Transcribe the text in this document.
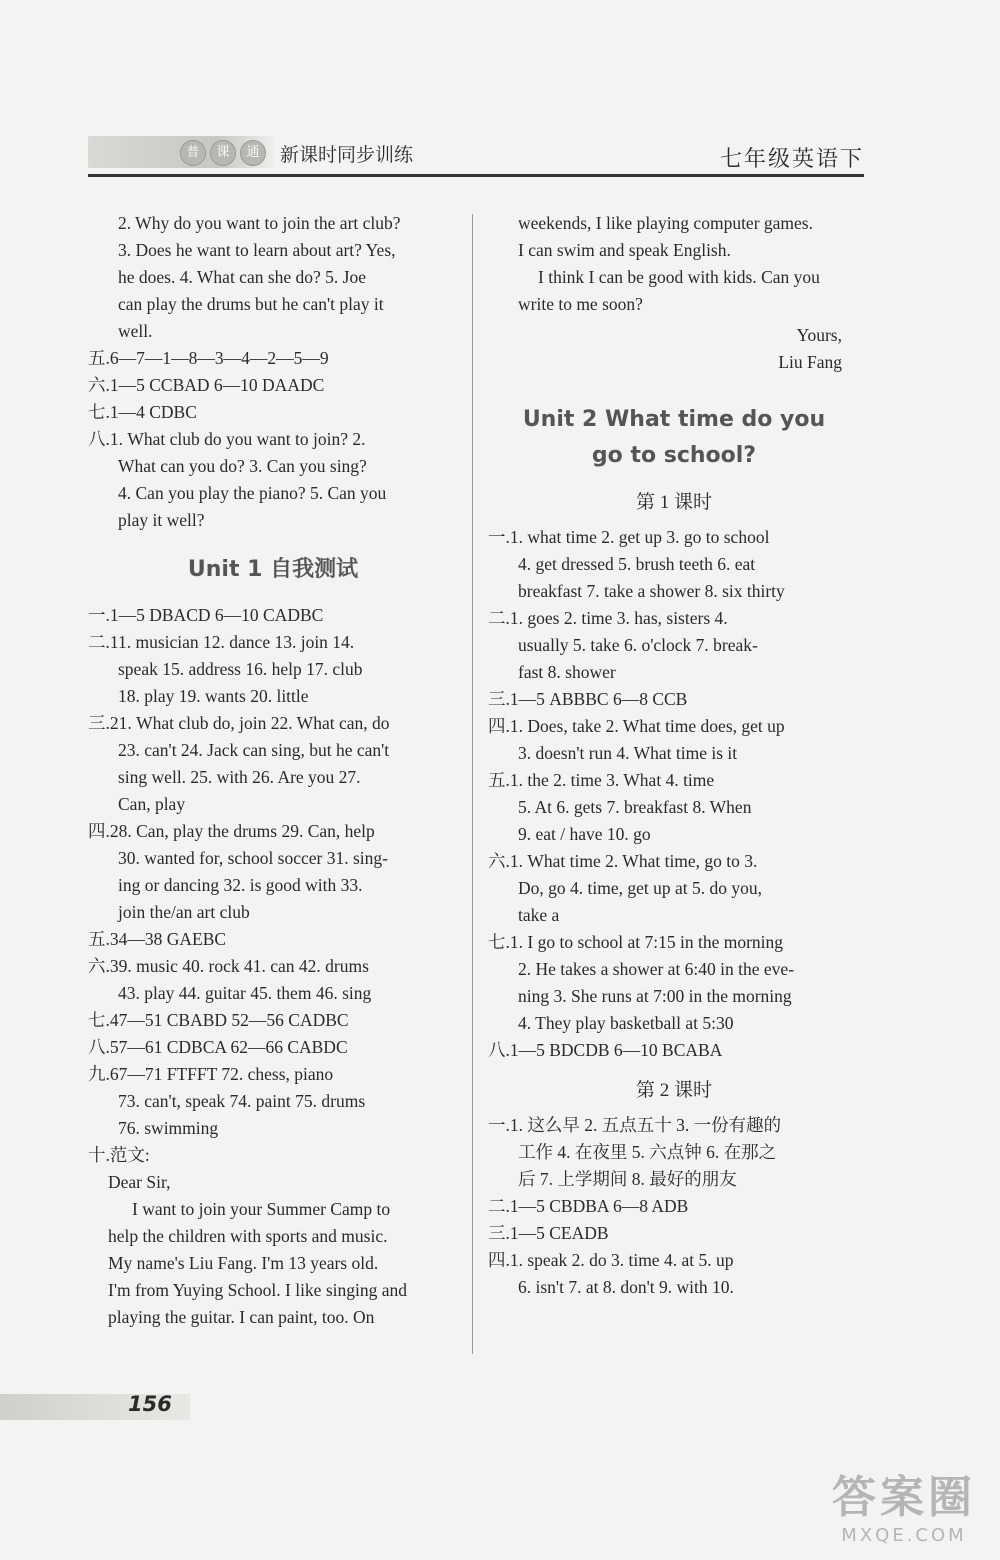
普	课	通	新课时同步训练	七年级英语下
2. Why do you want to join the art club?
3. Does he want to learn about art? Yes,
he does. 4. What can she do? 5. Joe
can play the drums but he can't play it
well.
五.6—7—1—8—3—4—2—5—9
六.1—5 CCBAD 6—10 DAADC
七.1—4 CDBC
八.1. What club do you want to join? 2.
What can you do? 3. Can you sing?
4. Can you play the piano? 5. Can you
play it well?
Unit 1 自我测试
一.1—5 DBACD 6—10 CADBC
二.11. musician 12. dance 13. join 14.
speak 15. address 16. help 17. club
18. play 19. wants 20. little
三.21. What club do, join 22. What can, do
23. can't 24. Jack can sing, but he can't
sing well. 25. with 26. Are you 27.
Can, play
四.28. Can, play the drums 29. Can, help
30. wanted for, school soccer 31. sing-
ing or dancing 32. is good with 33.
join the/an art club
五.34—38 GAEBC
六.39. music 40. rock 41. can 42. drums
43. play 44. guitar 45. them 46. sing
七.47—51 CBABD 52—56 CADBC
八.57—61 CDBCA 62—66 CABDC
九.67—71 FTFFT 72. chess, piano
73. can't, speak 74. paint 75. drums
76. swimming
十.范文:
Dear Sir,
I want to join your Summer Camp to
help the children with sports and music.
My name's Liu Fang. I'm 13 years old.
I'm from Yuying School. I like singing and
playing the guitar. I can paint, too. On
weekends, I like playing computer games.
I can swim and speak English.
I think I can be good with kids. Can you
write to me soon?
Yours,
Liu Fang
Unit 2 What time do you
go to school?
第 1 课时
一.1. what time 2. get up 3. go to school
4. get dressed 5. brush teeth 6. eat
breakfast 7. take a shower 8. six thirty
二.1. goes 2. time 3. has, sisters 4.
usually 5. take 6. o'clock 7. break-
fast 8. shower
三.1—5 ABBBC 6—8 CCB
四.1. Does, take 2. What time does, get up
3. doesn't run 4. What time is it
五.1. the 2. time 3. What 4. time
5. At 6. gets 7. breakfast 8. When
9. eat / have 10. go
六.1. What time 2. What time, go to 3.
Do, go 4. time, get up at 5. do you,
take a
七.1. I go to school at 7:15 in the morning
2. He takes a shower at 6:40 in the eve-
ning 3. She runs at 7:00 in the morning
4. They play basketball at 5:30
八.1—5 BDCDB 6—10 BCABA
第 2 课时
一.1. 这么早 2. 五点五十 3. 一份有趣的
工作 4. 在夜里 5. 六点钟 6. 在那之
后 7. 上学期间 8. 最好的朋友
二.1—5 CBDBA 6—8 ADB
三.1—5 CEADB
四.1. speak 2. do 3. time 4. at 5. up
6. isn't 7. at 8. don't 9. with 10.
156
答案圈
MXQE.COM
